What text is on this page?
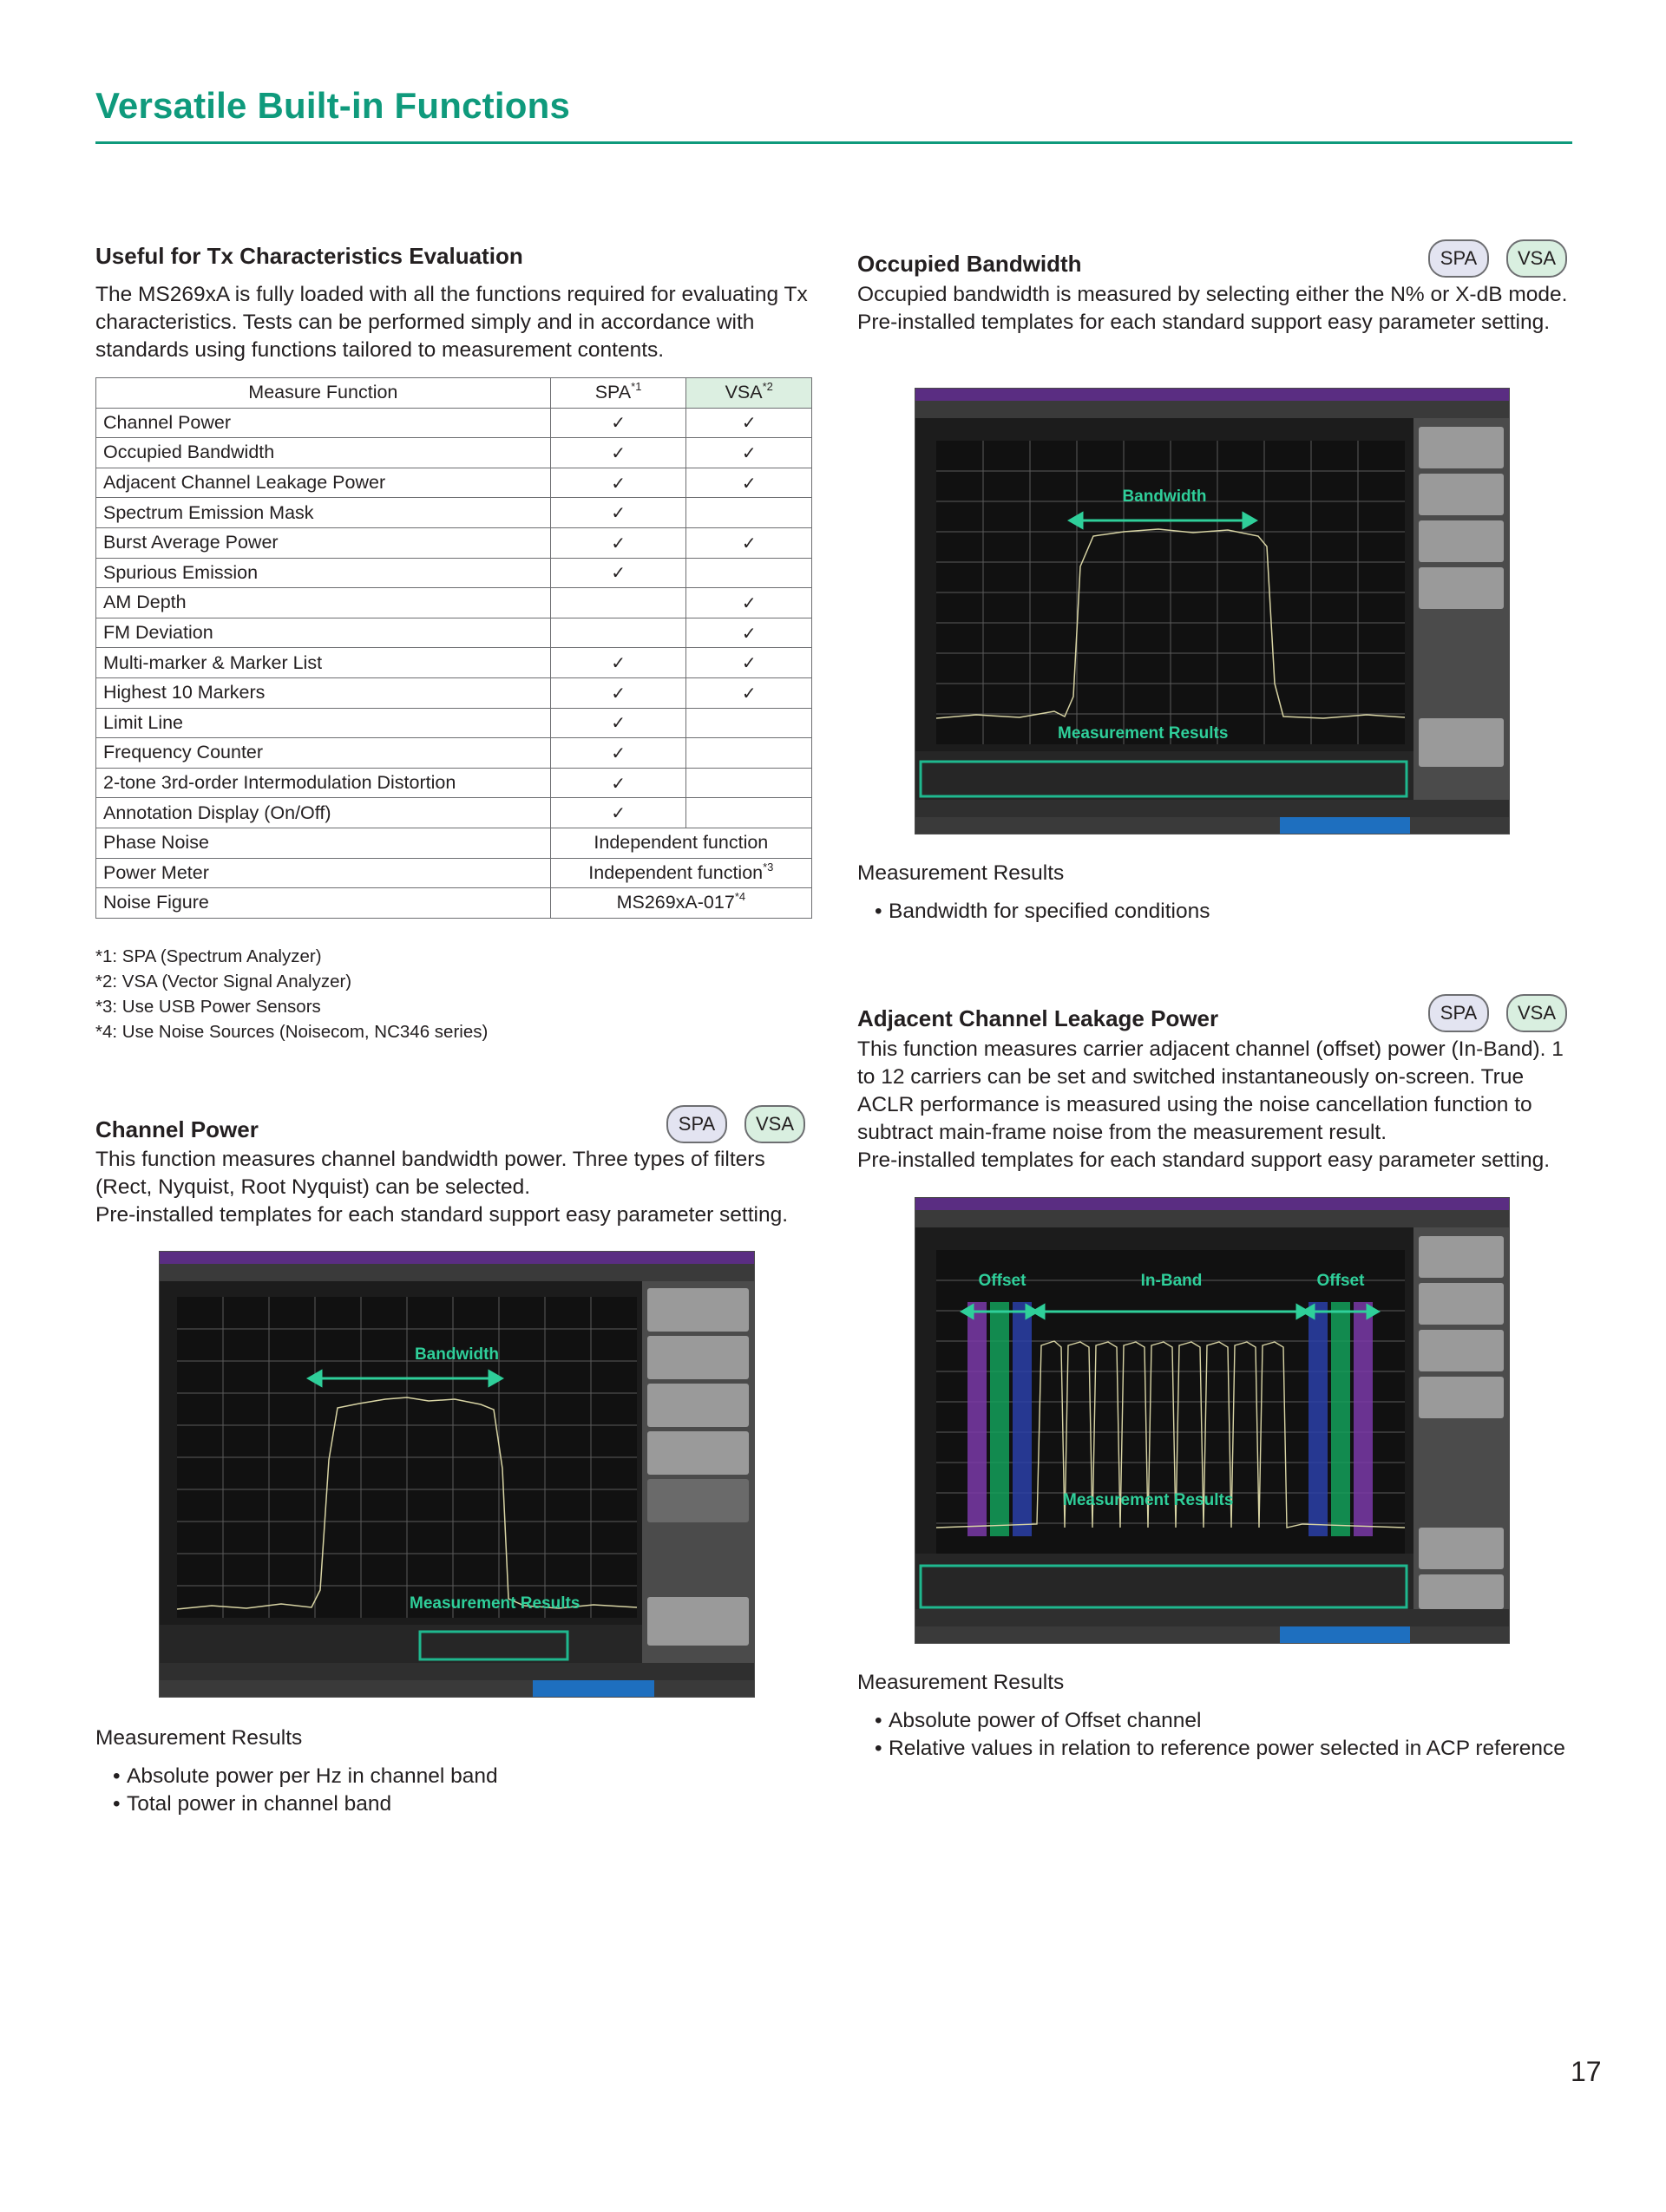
Versatile Built-in Functions
Useful for Tx Characteristics Evaluation
The MS269xA is fully loaded with all the functions required for evaluating Tx characteristics. Tests can be performed simply and in accordance with standards using functions tailored to measurement contents.
Measure Function	SPA$^{*1}$	VSA$^{*2}$
Channel Power	✓	✓
Occupied Bandwidth	✓	✓
Adjacent Channel Leakage Power	✓	✓
Spectrum Emission Mask	✓	
Burst Average Power	✓	✓
Spurious Emission	✓	
AM Depth		✓
FM Deviation		✓
Multi-marker & Marker List	✓	✓
Highest 10 Markers	✓	✓
Limit Line	✓	
Frequency Counter	✓	
2-tone 3rd-order Intermodulation Distortion	✓	
Annotation Display (On/Off)	✓	
Phase Noise	Independent function	
Power Meter	Independent function$^{*3}$
Noise Figure	MS269xA-017$^{*4}$
*1: SPA (Spectrum Analyzer)
*2: VSA (Vector Signal Analyzer)
*3: Use USB Power Sensors
*4: Use Noise Sources (Noisecom, NC346 series)
Channel Power	SPA	VSA

This function measures channel bandwidth power. Three types of filters (Rect, Nyquist, Root Nyquist) can be selected.

Pre-installed templates for each standard support easy parameter setting.

Bandwidth
Measurement Results
Measurement Results
• Absolute power per Hz in channel band
• Total power in channel band
Occupied Bandwidth	SPA	VSA

Occupied bandwidth is measured by selecting either the N% or X-dB mode.

Pre-installed templates for each standard support easy parameter setting.

Bandwidth
Measurement Results
Measurement Results
• Bandwidth for specified conditions
Adjacent Channel Leakage Power	SPA	VSA

This function measures carrier adjacent channel (offset) power (In-Band). 1 to 12 carriers can be set and switched instantaneously on-screen. True ACLR performance is measured using the noise cancellation function to subtract main-frame noise from the measurement result.

Pre-installed templates for each standard support easy parameter setting.

Offset	In-Band	Offset
Measurement Results
Measurement Results
• Absolute power of Offset channel
• Relative values in relation to reference power selected in ACP reference
17
